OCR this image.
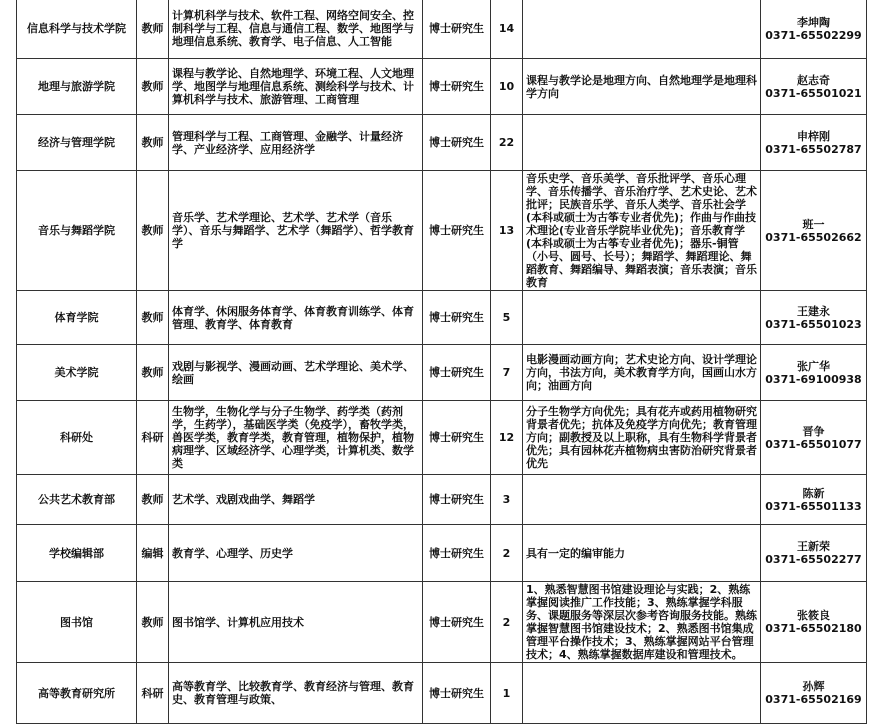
信息科学与技术学院	教师	计算机科学与技术、软件工程、网络空间安全、控制科学与工程、信息与通信工程、数学、地图学与地理信息系统、教育学、电子信息、人工智能	博士研究生	14		李坤陶
0371-65502299

地理与旅游学院	教师	课程与教学论、自然地理学、环境工程、人文地理学、地图学与地理信息系统、测绘科学与技术、计算机科学与技术、旅游管理、工商管理	博士研究生	10	课程与教学论是地理方向、自然地理学是地理科学方向	赵志奇
0371-65501021

经济与管理学院	教师	管理科学与工程、工商管理、金融学、计量经济学、产业经济学、应用经济学	博士研究生	22		申梓刚
0371-65502787

音乐与舞蹈学院	教师	音乐学、艺术学理论、艺术学、艺术学（音乐学）、音乐与舞蹈学、艺术学（舞蹈学）、哲学教育学	博士研究生	13	音乐史学、音乐美学、音乐批评学、音乐心理学、音乐传播学、音乐治疗学、艺术史论、艺术批评；民族音乐学、音乐人类学、音乐社会学(本科或硕士为古筝专业者优先)；作曲与作曲技术理论(专业音乐学院毕业优先)；音乐教育学(本科或硕士为古筝专业者优先)；器乐-铜管（小号、圆号、长号）；舞蹈学、舞蹈理论、舞蹈教育、舞蹈编导、舞蹈表演；音乐表演；音乐教育	班一
0371-65502662

体育学院	教师	体育学、休闲服务体育学、体育教育训练学、体育管理、教育学、体育教育	博士研究生	5		王建永
0371-65501023

美术学院	教师	戏剧与影视学、漫画动画、艺术学理论、美术学、绘画	博士研究生	7	电影漫画动画方向；艺术史论方向、设计学理论方向，书法方向，美术教育学方向，国画山水方向；油画方向	张广华
0371-69100938

科研处	科研	生物学，生物化学与分子生物学、药学类（药剂学，生药学），基础医学类（免疫学），畜牧学类，兽医学类，教育学类，教育管理，植物保护，植物病理学、区域经济学、心理学类，计算机类、数学类	博士研究生	12	分子生物学方向优先；具有花卉或药用植物研究背景者优先；抗体及免疫学方向优先；教育管理方向；副教授及以上职称，具有生物科学背景者优先；具有园林花卉植物病虫害防治研究背景者优先	晋争
0371-65501077

公共艺术教育部	教师	艺术学、戏剧戏曲学、舞蹈学	博士研究生	3		陈新
0371-65501133

学校编辑部	编辑	教育学、心理学、历史学	博士研究生	2	具有一定的编审能力	王新荣
0371-65502277

图书馆	教师	图书馆学、计算机应用技术	博士研究生	2	1、熟悉智慧图书馆建设理论与实践；2、熟练掌握阅读推广工作技能；3、熟练掌握学科服务、课题服务等深层次参考咨询服务技能。熟练掌握智慧图书馆建设技术；2、熟悉图书馆集成管理平台操作技术；3、熟练掌握网站平台管理技术；4、熟练掌握数据库建设和管理技术。	张筱良
0371-65502180

高等教育研究所	科研	高等教育学、比较教育学、教育经济与管理、教育史、教育管理与政策、	博士研究生	1		孙辉
0371-65502169
